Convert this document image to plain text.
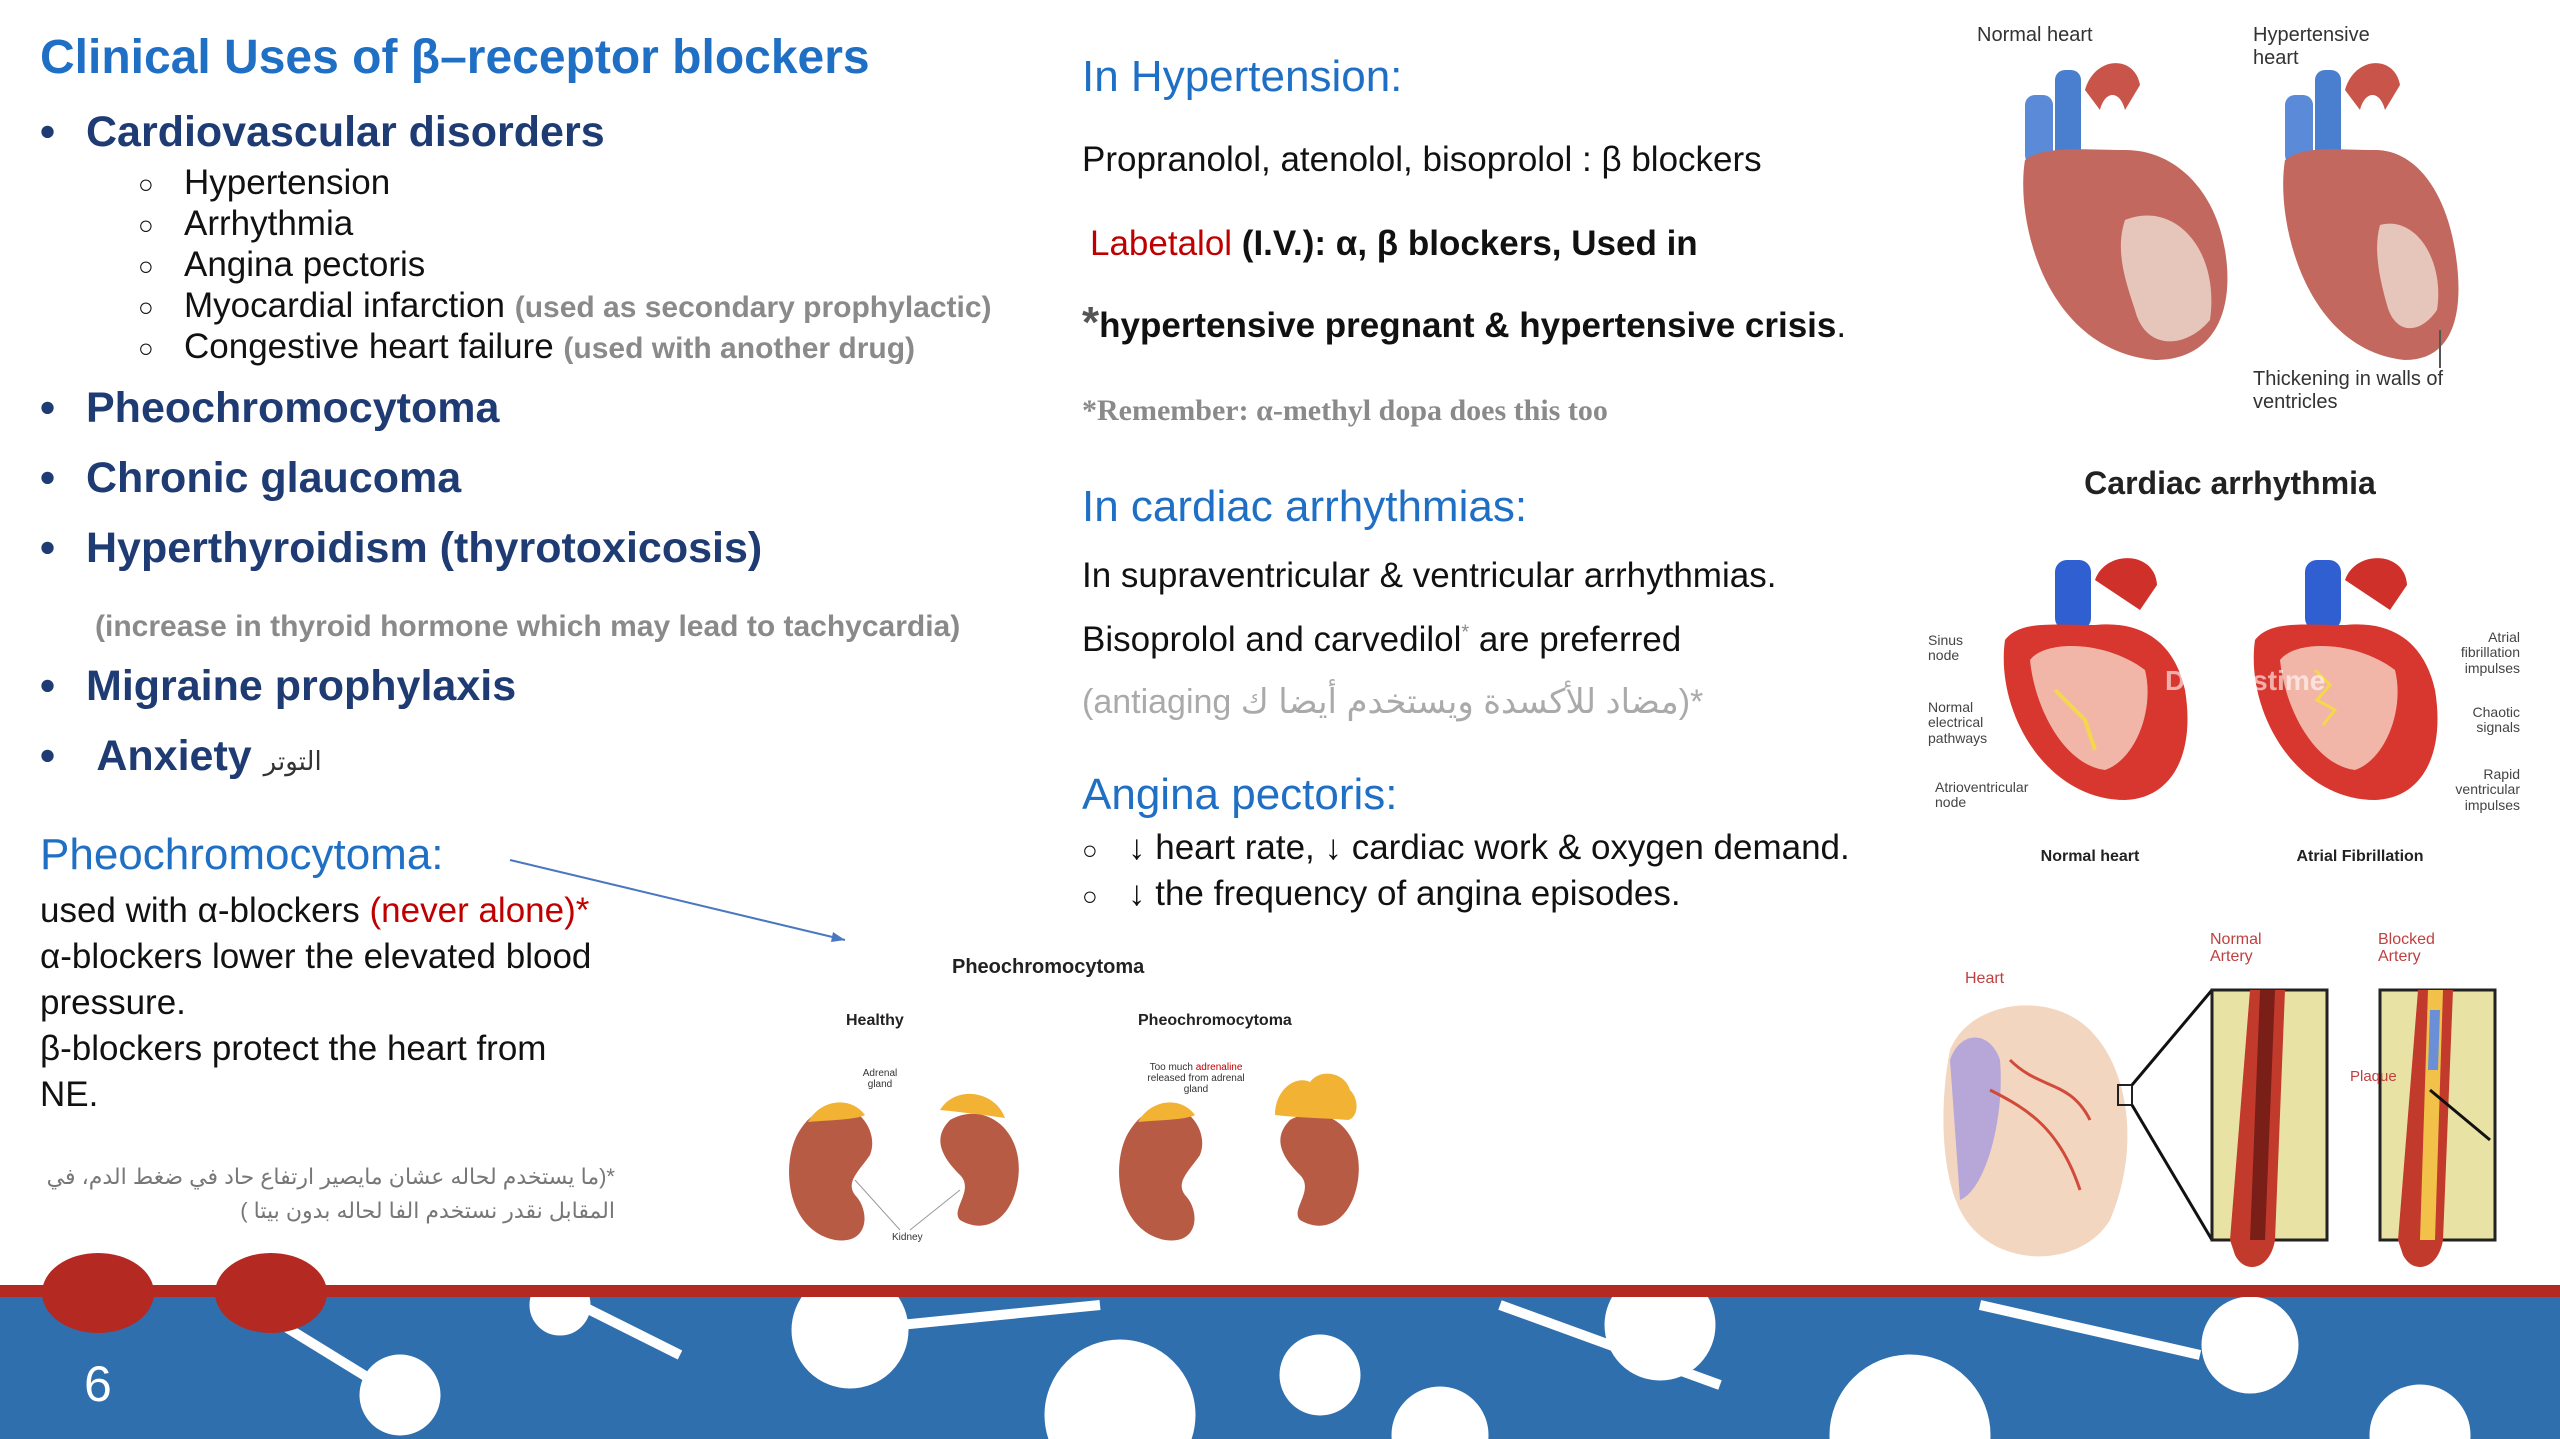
Clinical Uses of β–receptor blockers
• Cardiovascular disorders
○ Hypertension
○ Arrhythmia
○ Angina pectoris
○ Myocardial infarction (used as secondary prophylactic)
○ Congestive heart failure (used with another drug)
• Pheochromocytoma
• Chronic glaucoma
• Hyperthyroidism (thyrotoxicosis)
(increase in thyroid hormone which may lead to tachycardia)
• Migraine prophylaxis
• Anxiety التوتر
Pheochromocytoma:
used with α-blockers (never alone)*
α-blockers lower the elevated blood
pressure.
β-blockers protect the heart from
NE.
*(ما يستخدم لحاله عشان مايصير ارتفاع حاد في ضغط الدم، في
المقابل نقدر نستخدم الفا لحاله بدون بيتا )
In Hypertension:
Propranolol, atenolol, bisoprolol : β blockers
Labetalol (I.V.): α, β blockers, Used in
*hypertensive pregnant & hypertensive crisis.
*Remember: α-methyl dopa does this too
In cardiac arrhythmias:
In supraventricular & ventricular arrhythmias.
Bisoprolol and carvedilol* are preferred
(antiaging مضاد للأكسدة ويستخدم أيضا ك)*
Angina pectoris:
○ ↓ heart rate, ↓ cardiac work & oxygen demand.
○ ↓ the frequency of angina episodes.
Pheochromocytoma
Healthy	Pheochromocytoma
Adrenal gland
Too much adrenaline released from adrenal gland
Kidney
Normal heart	Hypertensive heart
Thickening in walls of ventricles
Cardiac arrhythmia
Dreamstime
Sinus node
Normal electrical pathways
Atrioventricular node
Atrial fibrillation impulses
Chaotic signals
Rapid ventricular impulses
Normal heart	Atrial Fibrillation
Heart
Normal Artery
Blocked Artery
Plaque
6
